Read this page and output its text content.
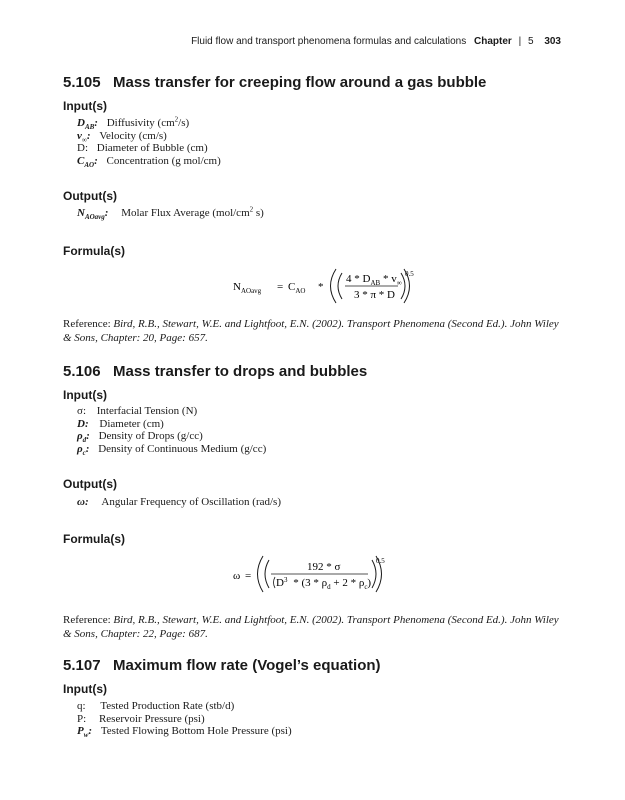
Fluid flow and transport phenomena formulas and calculations Chapter | 5 303
5.105 Mass transfer for creeping flow around a gas bubble
Input(s)
$D_{AB}$: Diffusivity $(cm^2/s)$
$v_\infty$: Velocity (cm/s)
D: Diameter of Bubble (cm)
$C_{AO}$: Concentration (g mol/cm)
Output(s)
$N_{AOavg}$: Molar Flux Average ($mol/cm^2$ s)
Formula(s)
$N_{AOavg} = C_{AO}$ *
$4 * D_{AB} * v_\infty$
3 * π * D
0.5
Reference: Bird, R.B., Stewart, W.E. and Lightfoot, E.N. (2002). Transport Phenomena (Second Ed.). John Wiley & Sons, Chapter: 20, Page: 657.
5.106 Mass transfer to drops and bubbles
Input(s)
σ: Interfacial Tension (N)
D: Diameter (cm)
$\rho_d$: Density of Drops (g/cc)
$\rho_c$: Density of Continuous Medium (g/cc)
Output(s)
ω: Angular Frequency of Oscillation (rad/s)
Formula(s)
ω =
192 * σ
$D^3 * (3 * \rho_d + 2 * \rho_c)$
0.5
Reference: Bird, R.B., Stewart, W.E. and Lightfoot, E.N. (2002). Transport Phenomena (Second Ed.). John Wiley & Sons, Chapter: 22, Page: 687.
5.107 Maximum flow rate (Vogel’s equation)
Input(s)
q: Tested Production Rate (stb/d)
P: Reservoir Pressure (psi)
$P_w$: Tested Flowing Bottom Hole Pressure (psi)
